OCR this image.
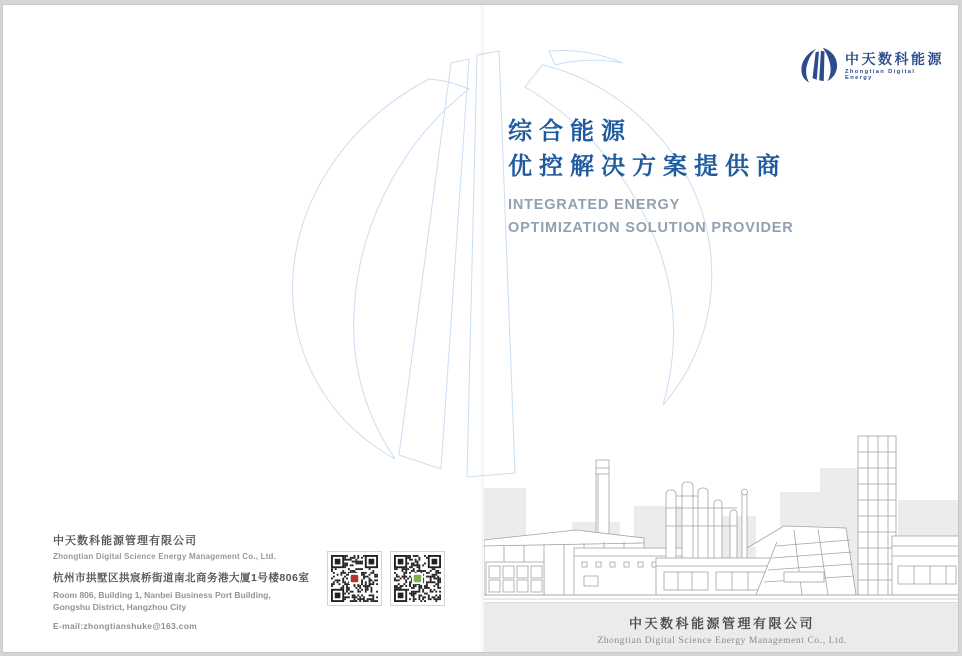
中天数科能源
Zhongtian Digital Energy
综合能源
优控解决方案提供商
INTEGRATED ENERGY
OPTIMIZATION SOLUTION PROVIDER
中天数科能源管理有限公司
Zhongtian Digital Science Energy Management Co., Ltd.
中天数科能源管理有限公司
Zhongtian Digital Science Energy Management Co., Ltd.
杭州市拱墅区拱宸桥街道南北商务港大厦1号楼806室
Room 806, Building 1, Nanbei Business Port Building,
Gongshu District, Hangzhou City
E-mail:zhongtianshuke@163.com
